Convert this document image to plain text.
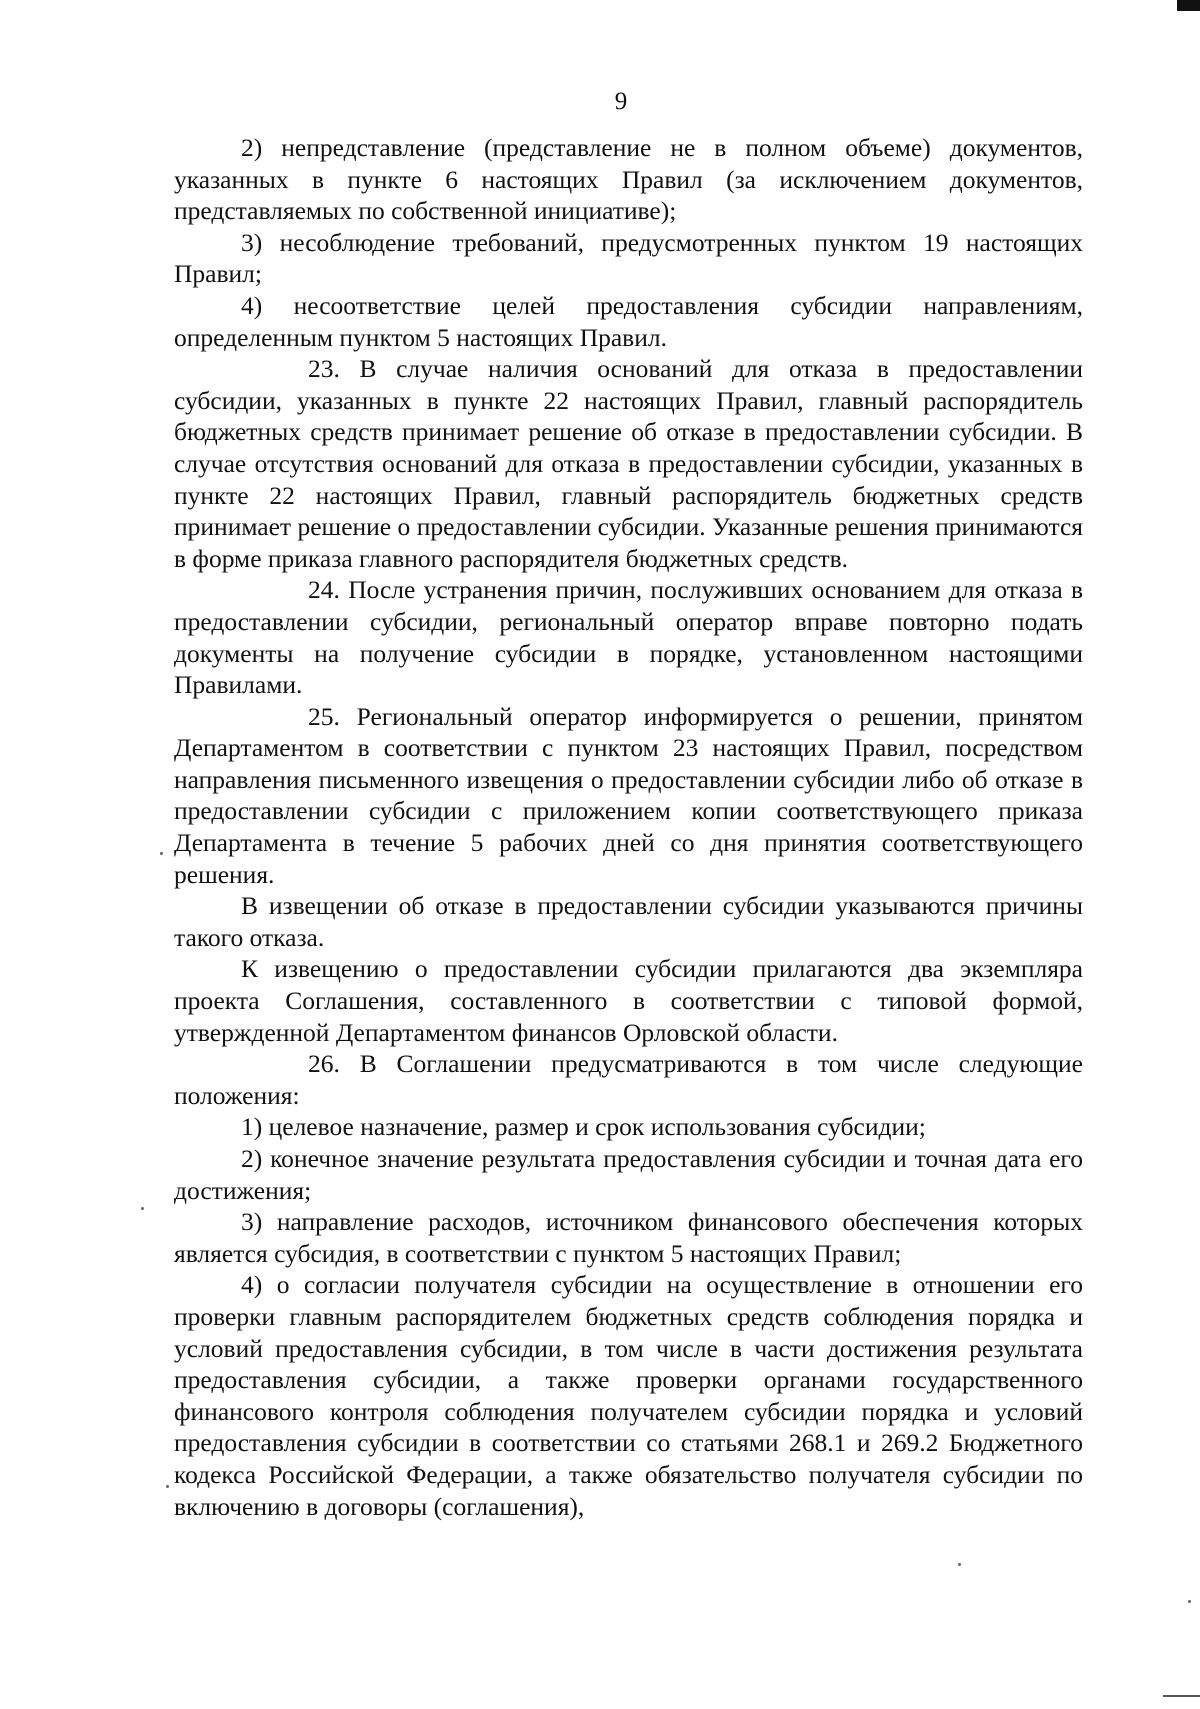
9

2) непредставление (представление не в полном объеме) документов, указанных в пункте 6 настоящих Правил (за исключением документов, представляемых по собственной инициативе);

3) несоблюдение требований, предусмотренных пунктом 19 настоящих Правил;

4) несоответствие целей предоставления субсидии направлениям, определенным пунктом 5 настоящих Правил.

23. В случае наличия оснований для отказа в предоставлении субсидии, указанных в пункте 22 настоящих Правил, главный распорядитель бюджетных средств принимает решение об отказе в предоставлении субсидии. В случае отсутствия оснований для отказа в предоставлении субсидии, указанных в пункте 22 настоящих Правил, главный распорядитель бюджетных средств принимает решение о предоставлении субсидии. Указанные решения принимаются в форме приказа главного распорядителя бюджетных средств.

24. После устранения причин, послуживших основанием для отказа в предоставлении субсидии, региональный оператор вправе повторно подать документы на получение субсидии в порядке, установленном настоящими Правилами.

25. Региональный оператор информируется о решении, принятом Департаментом в соответствии с пунктом 23 настоящих Правил, посредством направления письменного извещения о предоставлении субсидии либо об отказе в предоставлении субсидии с приложением копии соответствующего приказа Департамента в течение 5 рабочих дней со дня принятия соответствующего решения.

В извещении об отказе в предоставлении субсидии указываются причины такого отказа.

К извещению о предоставлении субсидии прилагаются два экземпляра проекта Соглашения, составленного в соответствии с типовой формой, утвержденной Департаментом финансов Орловской области.

26. В Соглашении предусматриваются в том числе следующие положения:

1) целевое назначение, размер и срок использования субсидии;

2) конечное значение результата предоставления субсидии и точная дата его достижения;

3) направление расходов, источником финансового обеспечения которых является субсидия, в соответствии с пунктом 5 настоящих Правил;

4) о согласии получателя субсидии на осуществление в отношении его проверки главным распорядителем бюджетных средств соблюдения порядка и условий предоставления субсидии, в том числе в части достижения результата предоставления субсидии, а также проверки органами государственного финансового контроля соблюдения получателем субсидии порядка и условий предоставления субсидии в соответствии со статьями 268.1 и 269.2 Бюджетного кодекса Российской Федерации, а также обязательство получателя субсидии по включению в договоры (соглашения),
